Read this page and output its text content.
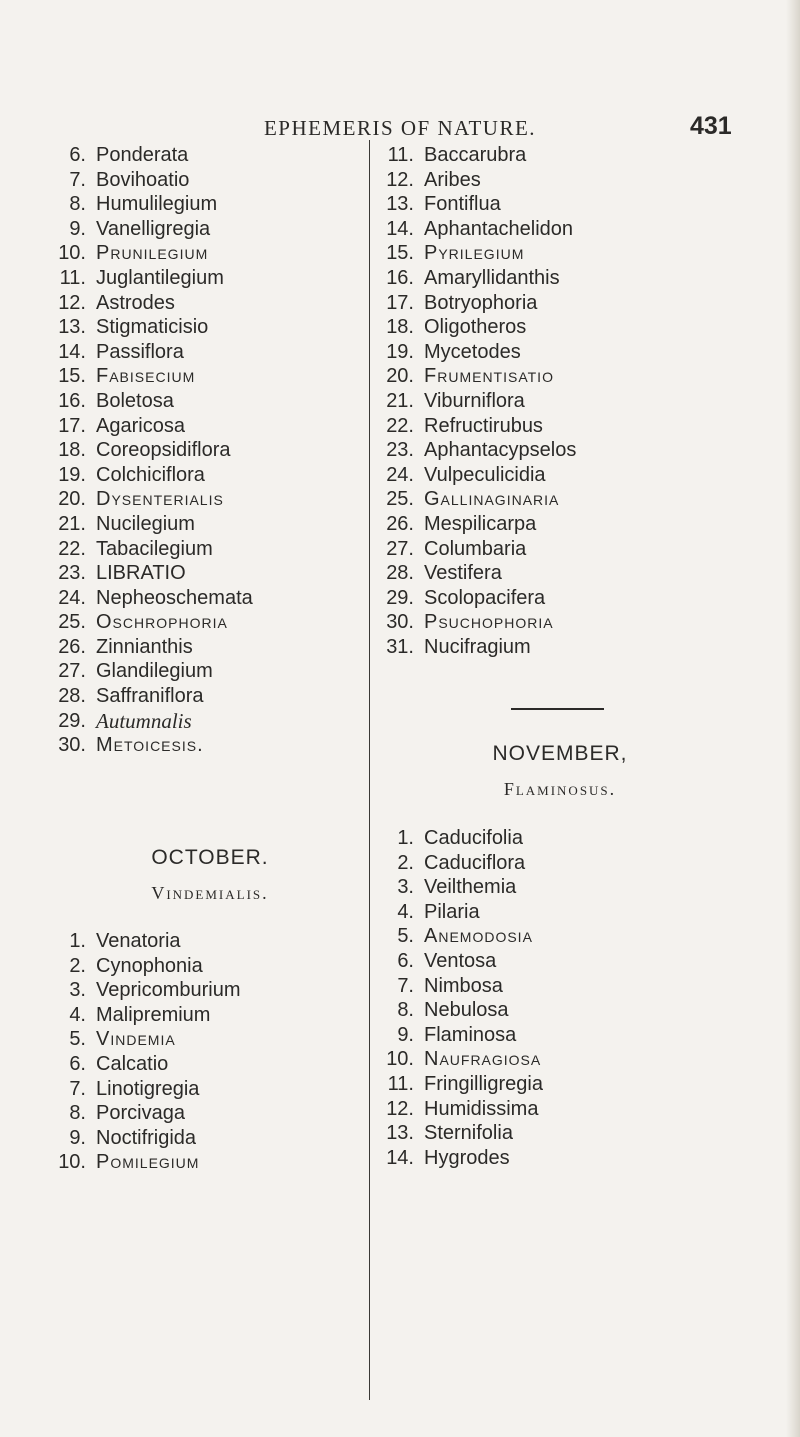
EPHEMERIS OF NATURE.	431
6. Ponderata
7. Bovihoatio
8. Humulilegium
9. Vanelligregia
10. Prunilegium
11. Juglantilegium
12. Astrodes
13. Stigmaticisio
14. Passiflora
15. Fabisecium
16. Boletosa
17. Agaricosa
18. Coreopsidiflora
19. Colchiciflora
20. Dysenterialis
21. Nucilegium
22. Tabacilegium
23. LIBRATIO
24. Nepheoschemata
25. Oschrophoria
26. Zinnianthis
27. Glandilegium
28. Saffraniflora
29. Autumnalis
30. Metoicesis.
OCTOBER.
Vindemialis.
1. Venatoria
2. Cynophonia
3. Vepricomburium
4. Malipremium
5. Vindemia
6. Calcatio
7. Linotigregia
8. Porcivaga
9. Noctifrigida
10. Pomilegium
11. Baccarubra
12. Aribes
13. Fontiflua
14. Aphantachelidon
15. Pyrilegium
16. Amaryllidanthis
17. Botryophoria
18. Oligotheros
19. Mycetodes
20. Frumentisatio
21. Viburniflora
22. Refructirubus
23. Aphantacypselos
24. Vulpeculicidia
25. Gallinaginaria
26. Mespilicarpa
27. Columbaria
28. Vestifera
29. Scolopacifera
30. Psuchophoria
31. Nucifragium
NOVEMBER,
Flaminosus.
1. Caducifolia
2. Caduciflora
3. Veilthemia
4. Pilaria
5. Anemodosia
6. Ventosa
7. Nimbosa
8. Nebulosa
9. Flaminosa
10. Naufragiosa
11. Fringilligregia
12. Humidissima
13. Sternifolia
14. Hygrodes
